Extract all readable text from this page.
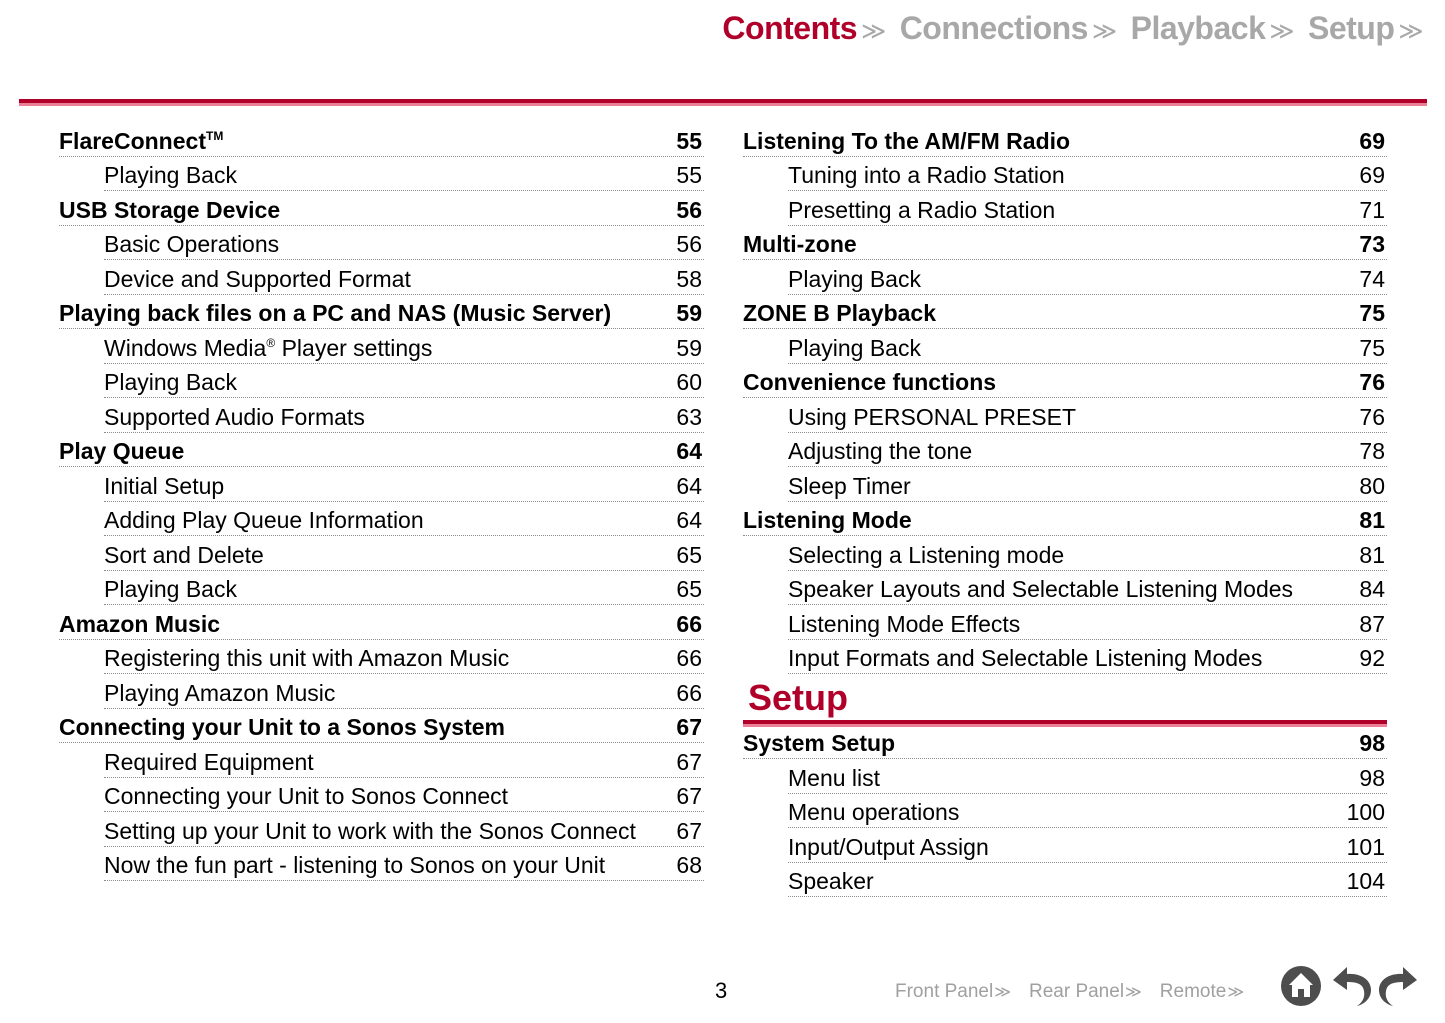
Contents ≫ Connections ≫ Playback ≫ Setup ≫
FlareConnect™	55
Playing Back	55
USB Storage Device	56
Basic Operations	56
Device and Supported Format	58
Playing back files on a PC and NAS (Music Server)	59
Windows Media® Player settings	59
Playing Back	60
Supported Audio Formats	63
Play Queue	64
Initial Setup	64
Adding Play Queue Information	64
Sort and Delete	65
Playing Back	65
Amazon Music	66
Registering this unit with Amazon Music	66
Playing Amazon Music	66
Connecting your Unit to a Sonos System	67
Required Equipment	67
Connecting your Unit to Sonos Connect	67
Setting up your Unit to work with the Sonos Connect 67
Now the fun part - listening to Sonos on your Unit	68
Listening To the AM/FM Radio	69
Tuning into a Radio Station	69
Presetting a Radio Station	71
Multi-zone	73
Playing Back	74
ZONE B Playback	75
Playing Back	75
Convenience functions	76
Using PERSONAL PRESET	76
Adjusting the tone	78
Sleep Timer	80
Listening Mode	81
Selecting a Listening mode	81
Speaker Layouts and Selectable Listening Modes	84
Listening Mode Effects	87
Input Formats and Selectable Listening Modes	92
Setup
System Setup	98
Menu list	98
Menu operations	100
Input/Output Assign	101
Speaker	104
3	Front Panel≫ Rear Panel≫ Remote≫
